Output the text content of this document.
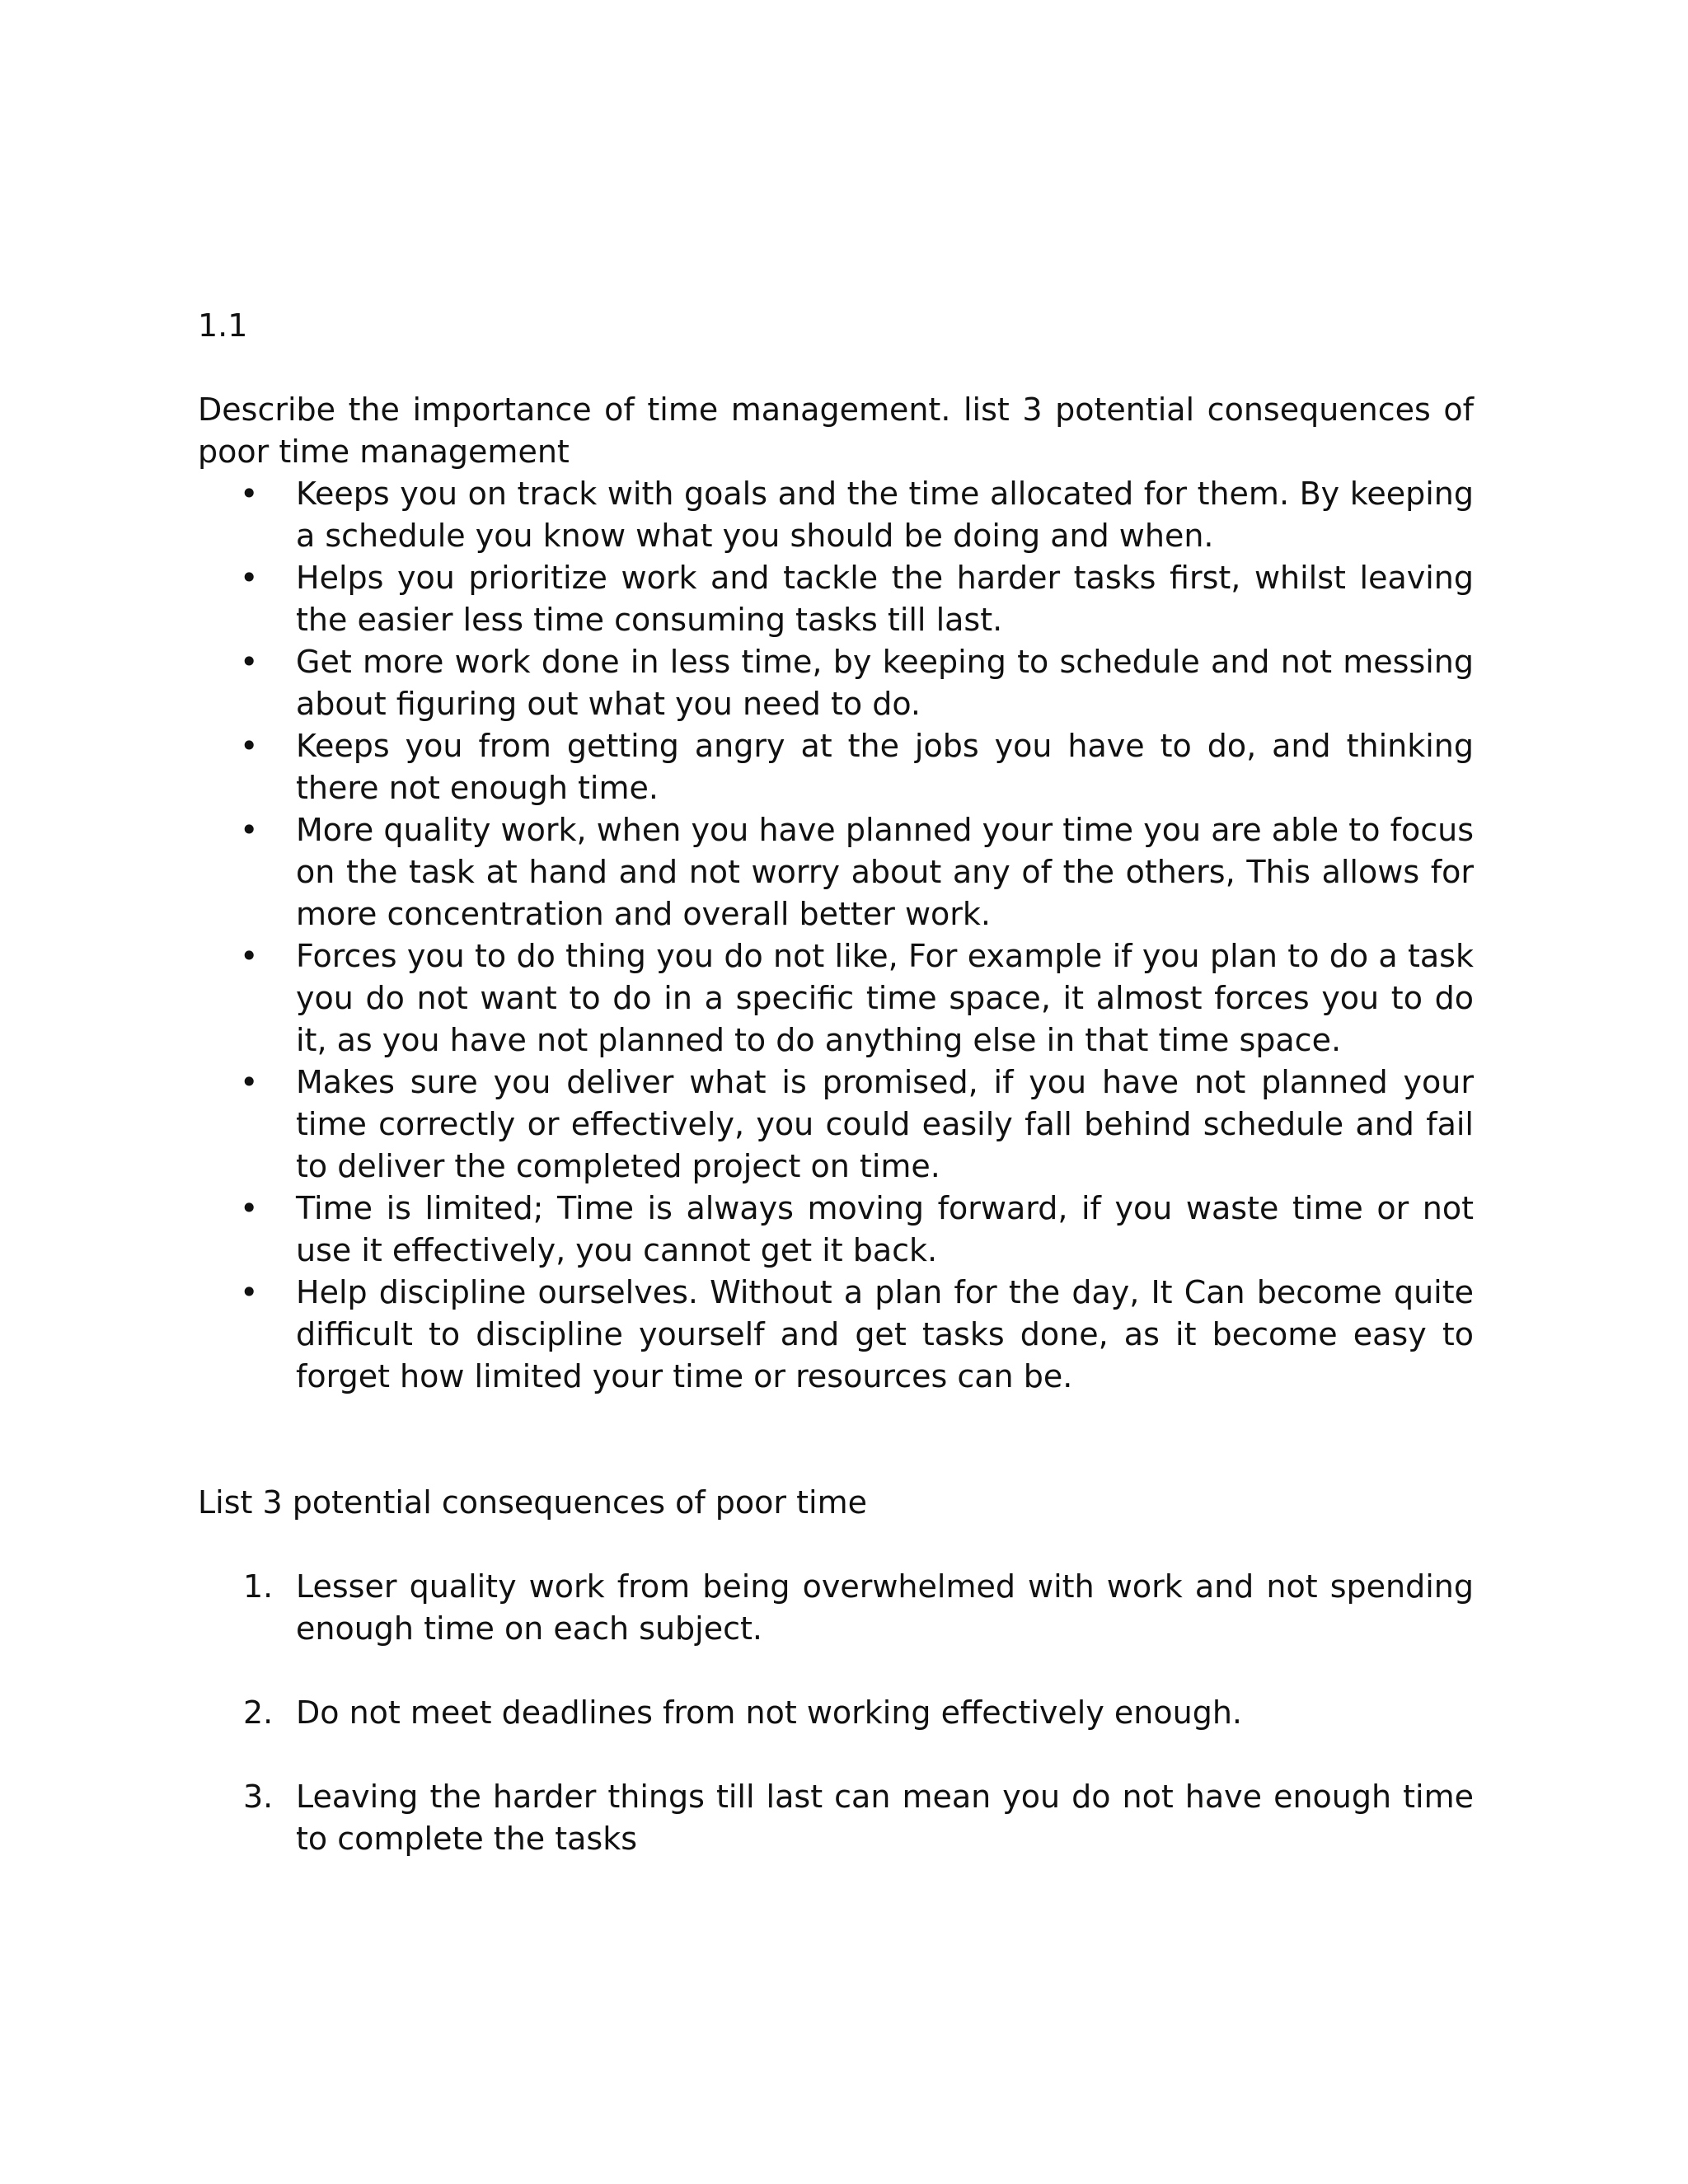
1.1

Describe the importance of time management. list 3 potential consequences of poor time management

• Keeps you on track with goals and the time allocated for them. By keeping a schedule you know what you should be doing and when.
• Helps you prioritize work and tackle the harder tasks first, whilst leaving the easier less time consuming tasks till last.
• Get more work done in less time, by keeping to schedule and not messing about figuring out what you need to do.
• Keeps you from getting angry at the jobs you have to do, and thinking there not enough time.
• More quality work, when you have planned your time you are able to focus on the task at hand and not worry about any of the others, This allows for more concentration and overall better work.
• Forces you to do thing you do not like, For example if you plan to do a task you do not want to do in a specific time space, it almost forces you to do it, as you have not planned to do anything else in that time space.
• Makes sure you deliver what is promised, if you have not planned your time correctly or effectively, you could easily fall behind schedule and fail to deliver the completed project on time.
• Time is limited; Time is always moving forward, if you waste time or not use it effectively, you cannot get it back.
• Help discipline ourselves. Without a plan for the day, It Can become quite difficult to discipline yourself and get tasks done, as it become easy to forget how limited your time or resources can be.

List 3 potential consequences of poor time

1. Lesser quality work from being overwhelmed with work and not spending enough time on each subject.
2. Do not meet deadlines from not working effectively enough.
3. Leaving the harder things till last can mean you do not have enough time to complete the tasks
